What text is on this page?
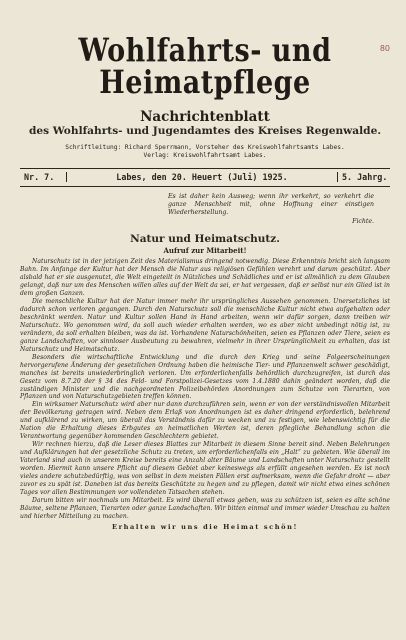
80
Wohlfahrts- und Heimatpflege
Nachrichtenblatt
des Wohlfahrts- und Jugendamtes des Kreises Regenwalde.
Schriftleitung: Richard Sperrmann, Vorsteher des Kreiswohlfahrtsamts Labes.
Verlag: Kreiswohlfahrtsamt Labes.
Nr. 7.	Labes, den 20. Heuert (Juli) 1925.	5. Jahrg.
Es ist daher kein Ausweg; wenn ihr verkehrt, so verkehrt die ganze Menschheit mit, ohne Hoffnung einer einstigen Wiederherstellung.
Fichte.
Natur und Heimatschutz.
Aufruf zur Mitarbeit!

Naturschutz ist in der jetzigen Zeit des Materialismus dringend notwendig. Diese Erkenntnis bricht sich langsam Bahn. Im Anfange der Kultur hat der Mensch die Natur aus religiösen Gefühlen verehrt und darum geschützt. Aber alsbald hat er sie ausgenutzt, die Welt eingeteilt in Nützliches und Schädliches und er ist allmählich zu dem Glauben gelangt, daß nur um des Menschen willen alles auf der Welt da sei, er hat vergessen, daß er selbst nur ein Glied ist in dem großen Ganzen.

Die menschliche Kultur hat der Natur immer mehr ihr ursprüngliches Aussehen genommen. Unersetzliches ist dadurch schon verloren gegangen. Durch den Naturschutz soll die menschliche Kultur nicht etwa aufgehalten oder beschränkt werden. Natur und Kultur sollen Hand in Hand arbeiten, wenn wir dafür sorgen, dann treiben wir Naturschutz. Wo genommen wird, da soll auch wieder erhalten werden, wo es aber nicht unbedingt nötig ist, zu verändern, da soll erhalten bleiben, was da ist. Vorhandene Naturschönheiten, seien es Pflanzen oder Tiere, seien es ganze Landschaften, vor sinnloser Ausbeutung zu bewahren, vielmehr in ihrer Ursprünglichkeit zu erhalten, das ist Naturschutz und Heimatschutz.

Besonders die wirtschaftliche Entwicklung und die durch den Krieg und seine Folgeerscheinungen hervorgerufene Änderung der gesetzlichen Ordnung haben die heimische Tier- und Pflanzenwelt schwer geschädigt, manches ist bereits unwiederbringlich verloren. Um erforderlichenfalls behördlich durchzugreifen, ist durch das Gesetz vom 8.7.20 der § 34 des Feld- und Forstpolizei-Gesetzes vom 1.4.1880 dahin geändert worden, daß die zuständigen Minister und die nachgeordneten Polizeibehörden Anordnungen zum Schutze von Tierarten, von Pflanzen und von Naturschutzgebieten treffen können.

Ein wirksamer Naturschutz wird aber nur dann durchzuführen sein, wenn er von der verständnisvollen Mitarbeit der Bevölkerung getragen wird. Neben dem Erlaß von Anordnungen ist es daher dringend erforderlich, belehrend und aufklärend zu wirken, um überall das Verständnis dafür zu wecken und zu festigen, wie lebenswichtig für die Nation die Erhaltung dieses Erbgutes an heimatlichen Werten ist, deren pflegliche Behandlung schon die Verantwortung gegenüber kommenden Geschlechtern gebietet.

Wir rechnen hierzu, daß die Leser dieses Blattes zur Mitarbeit in diesem Sinne bereit sind. Neben Belehrungen und Aufklärungen hat der gesetzliche Schutz zu treten, um erforderlichenfalls ein „Halt“ zu gebieten. Wie überall im Vaterland sind auch in unserem Kreise bereits eine Anzahl alter Bäume und Landschaften unter Naturschutz gestellt worden. Hiermit kann unsere Pflicht auf diesem Gebiet aber keineswegs als erfüllt angesehen werden. Es ist noch vieles andere schutzbedürftig, was von selbst in dem meisten Fällen erst aufmerksam, wenn die Gefahr droht — aber zuvor es zu spät ist. Daneben ist das bereits Geschützte zu hegen und zu pflegen, damit wir nicht etwa eines schönen Tages vor allen Bestimmungen vor vollendeten Tatsachen stehen.

Darum bitten wir nochmals um Mitarbeit. Es wird überall etwas geben, was zu schützen ist, seien es alte schöne Bäume, seltene Pflanzen, Tierarten oder ganze Landschaften. Wir bitten einmal und immer wieder Umschau zu halten und hierher Mitteilung zu machen.

Erhalten wir uns die Heimat schön!
